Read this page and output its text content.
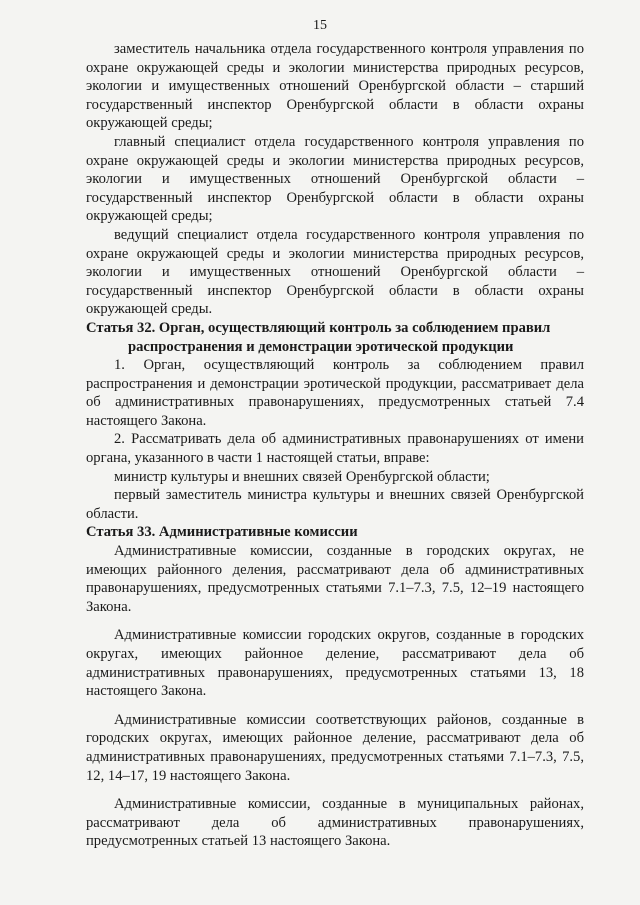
15

заместитель начальника отдела государственного контроля управления по охране окружающей среды и экологии министерства природных ресурсов, экологии и имущественных отношений Оренбургской области – старший государственный инспектор Оренбургской области в области охраны окружающей среды;

главный специалист отдела государственного контроля управления по охране окружающей среды и экологии министерства природных ресурсов, экологии и имущественных отношений Оренбургской области – государственный инспектор Оренбургской области в области охраны окружающей среды;

ведущий специалист отдела государственного контроля управления по охране окружающей среды и экологии министерства природных ресурсов, экологии и имущественных отношений Оренбургской области – государственный инспектор Оренбургской области в области охраны окружающей среды.

Статья 32. Орган, осуществляющий контроль за соблюдением правил распространения и демонстрации эротической продукции

1. Орган, осуществляющий контроль за соблюдением правил распространения и демонстрации эротической продукции, рассматривает дела об административных правонарушениях, предусмотренных статьей 7.4 настоящего Закона.

2. Рассматривать дела об административных правонарушениях от имени органа, указанного в части 1 настоящей статьи, вправе:

министр культуры и внешних связей Оренбургской области;

первый заместитель министра культуры и внешних связей Оренбургской области.

Статья 33. Административные комиссии

Административные комиссии, созданные в городских округах, не имеющих районного деления, рассматривают дела об административных правонарушениях, предусмотренных статьями 7.1–7.3, 7.5, 12–19 настоящего Закона.

Административные комиссии городских округов, созданные в городских округах, имеющих районное деление, рассматривают дела об административных правонарушениях, предусмотренных статьями 13, 18 настоящего Закона.

Административные комиссии соответствующих районов, созданные в городских округах, имеющих районное деление, рассматривают дела об административных правонарушениях, предусмотренных статьями 7.1–7.3, 7.5, 12, 14–17, 19 настоящего Закона.

Административные комиссии, созданные в муниципальных районах, рассматривают дела об административных правонарушениях, предусмотренных статьей 13 настоящего Закона.
